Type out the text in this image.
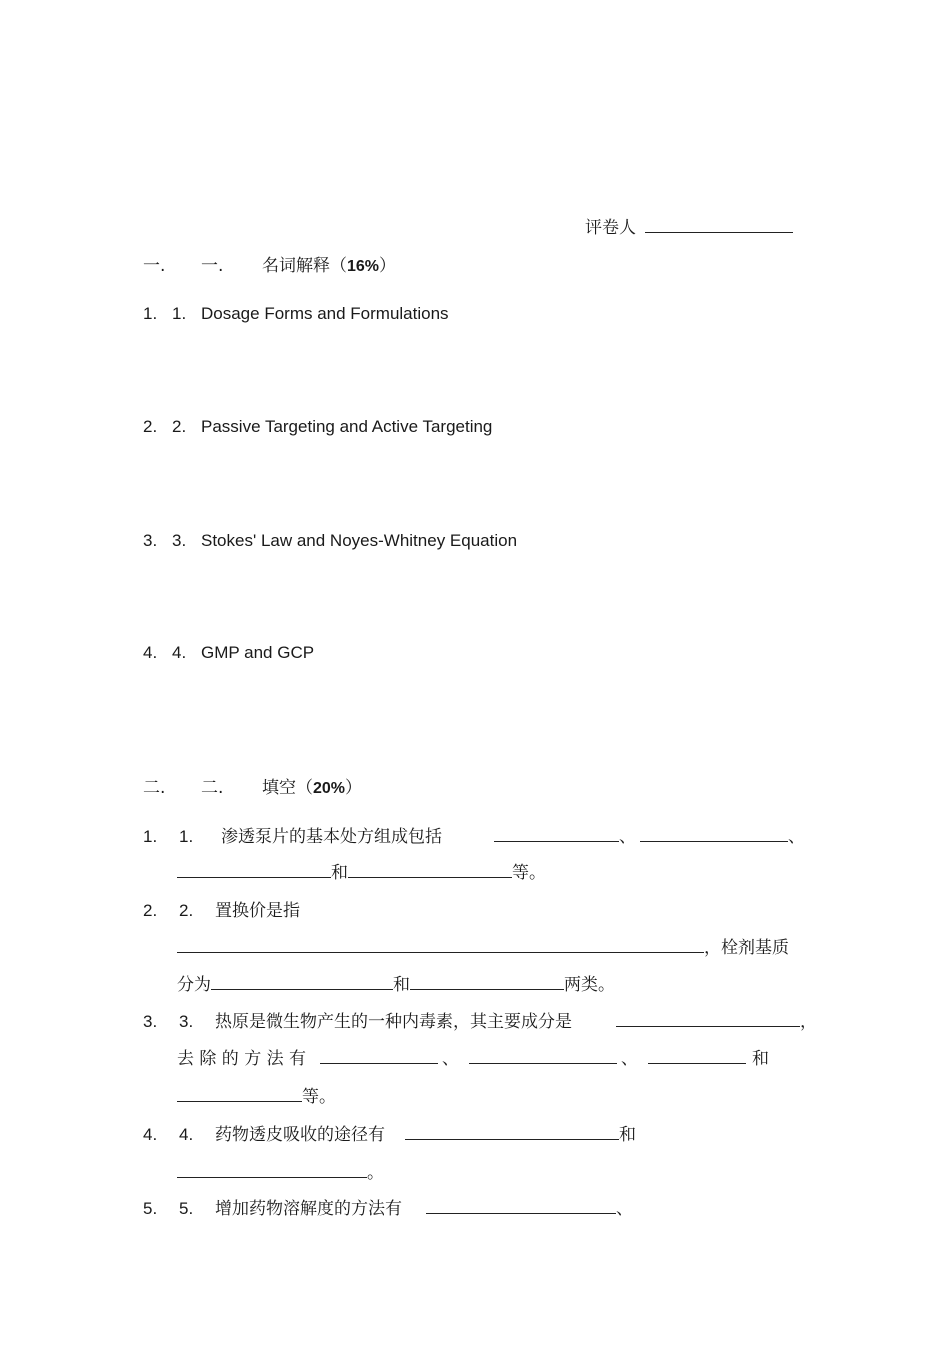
评卷人
一. 一. 名词解释（16%）
1. 1. Dosage Forms and Formulations
2. 2. Passive Targeting and Active Targeting
3. 3. Stokes' Law and Noyes-Whitney Equation
4. 4. GMP and GCP
二. 二. 填空（20%）
1. 1. 渗透泵片的基本处方组成包括	、	、
和	等。
2. 2. 置换价是指
，栓剂基质
分为	和	两类。
3. 3. 热原是微生物产生的一种内毒素，其主要成分是	，
去 除 的 方 法 有	、	、	和
等。
4. 4. 药物透皮吸收的途径有	和
。
5. 5. 增加药物溶解度的方法有	、
